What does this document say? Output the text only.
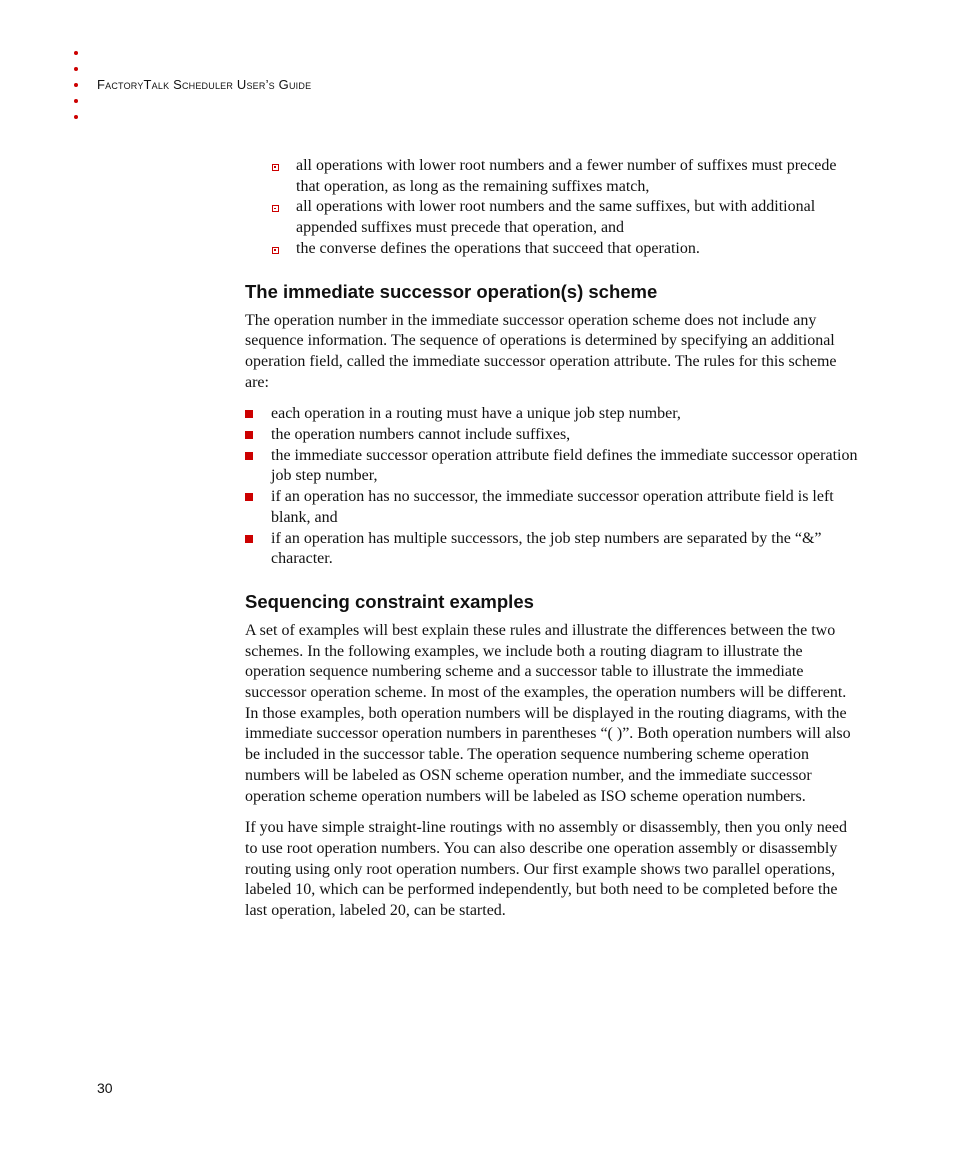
FactoryTalk Scheduler User’s Guide
all operations with lower root numbers and a fewer number of suffixes must precede that operation, as long as the remaining suffixes match,
all operations with lower root numbers and the same suffixes, but with additional appended suffixes must precede that operation, and
the converse defines the operations that succeed that operation.
The immediate successor operation(s) scheme

The operation number in the immediate successor operation scheme does not include any sequence information. The sequence of operations is determined by specifying an additional operation field, called the immediate successor operation attribute. The rules for this scheme are:

each operation in a routing must have a unique job step number,
the operation numbers cannot include suffixes,
the immediate successor operation attribute field defines the immediate successor operation job step number,
if an operation has no successor, the immediate successor operation attribute field is left blank, and
if an operation has multiple successors, the job step numbers are separated by the “&” character.
Sequencing constraint examples

A set of examples will best explain these rules and illustrate the differences between the two schemes. In the following examples, we include both a routing diagram to illustrate the operation sequence numbering scheme and a successor table to illustrate the immediate successor operation scheme. In most of the examples, the operation numbers will be different. In those examples, both operation numbers will be displayed in the routing diagrams, with the immediate successor operation numbers in parentheses “( )”. Both operation numbers will also be included in the successor table. The operation sequence numbering scheme operation numbers will be labeled as OSN scheme operation number, and the immediate successor operation scheme operation numbers will be labeled as ISO scheme operation numbers.

If you have simple straight-line routings with no assembly or disassembly, then you only need to use root operation numbers. You can also describe one operation assembly or disassembly routing using only root operation numbers. Our first example shows two parallel operations, labeled 10, which can be performed independently, but both need to be completed before the last operation, labeled 20, can be started.

30
